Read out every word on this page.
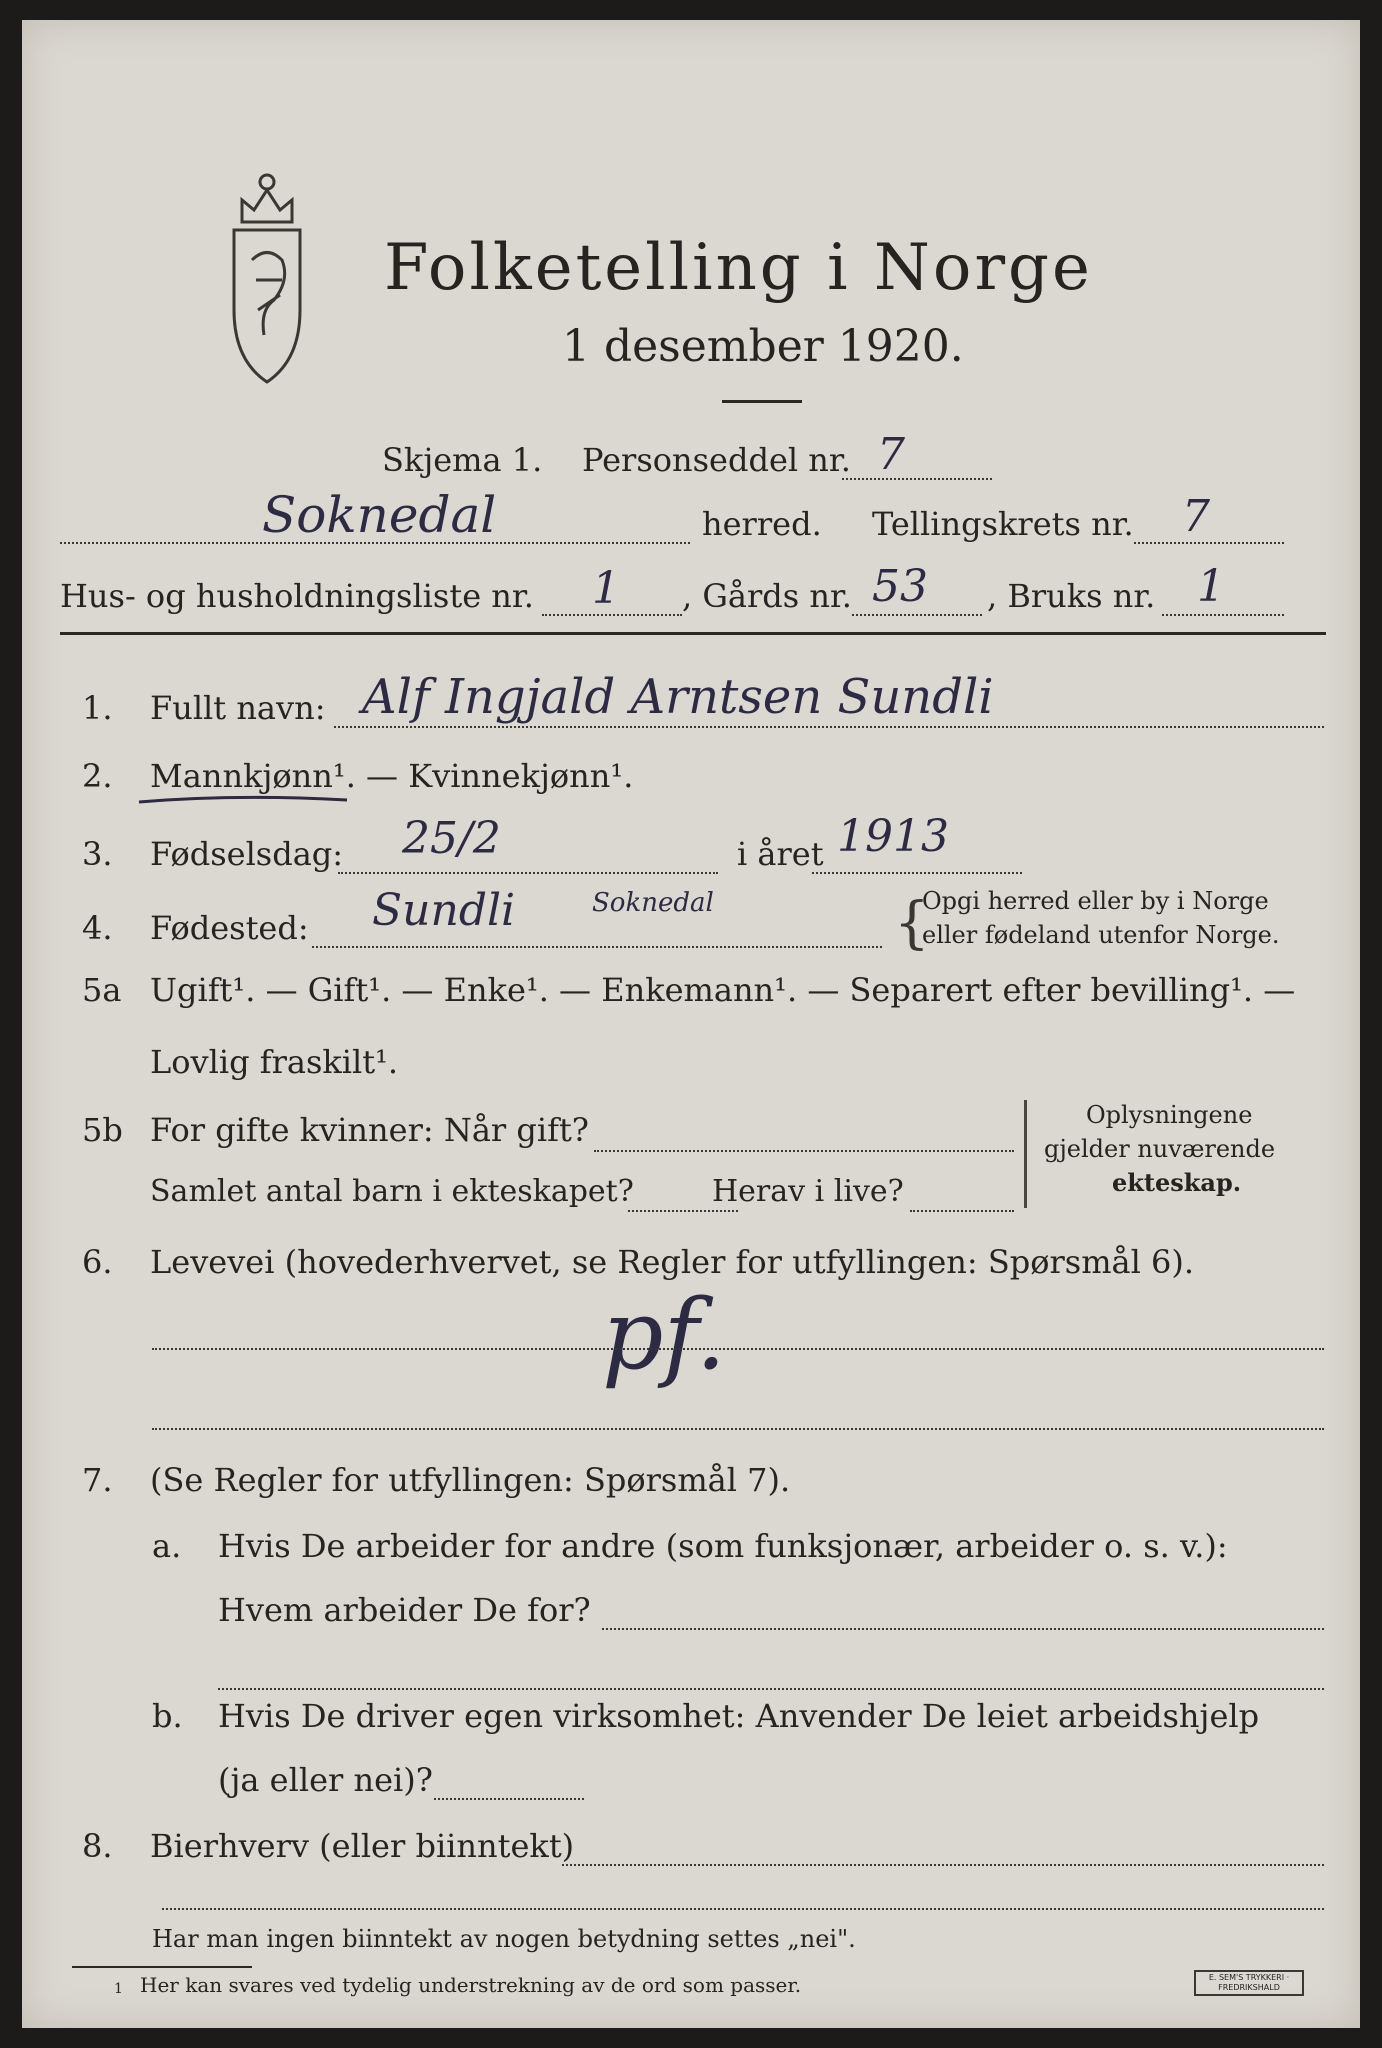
Folketelling i Norge
1 desember 1920.
Skjema 1. Personseddel nr. 7
Soknedal	herred. Tellingskrets nr. 7
Hus- og husholdningsliste nr. 1 , Gårds nr. 53 , Bruks nr. 1
1. Fullt navn: Alf Ingjald Arntsen Sundli
2. Mannkjønn¹. — Kvinnekjønn¹.
3. Fødselsdag: 25/2	i året 1913
4. Fødested: Sundli	Soknedal	{
Opgi herred eller by i Norge
eller fødeland utenfor Norge.
5a Ugift¹. — Gift¹. — Enke¹. — Enkemann¹. — Separert efter bevilling¹. —
Lovlig fraskilt¹.
5b For gifte kvinner: Når gift?
Samlet antal barn i ekteskapet?	Herav i live?
Oplysningene
gjelder nuværende
ekteskap.
6. Levevei (hovederhvervet, se Regler for utfyllingen: Spørsmål 6).
pf.
7. (Se Regler for utfyllingen: Spørsmål 7).
a. Hvis De arbeider for andre (som funksjonær, arbeider o. s. v.):
Hvem arbeider De for?
b. Hvis De driver egen virksomhet: Anvender De leiet arbeidshjelp
(ja eller nei)?
8. Bierhverv (eller biinntekt)
Har man ingen biinntekt av nogen betydning settes „nei".
1 Her kan svares ved tydelig understrekning av de ord som passer.	E. SEM'S TRYKKERI · FREDRIKSHALD
